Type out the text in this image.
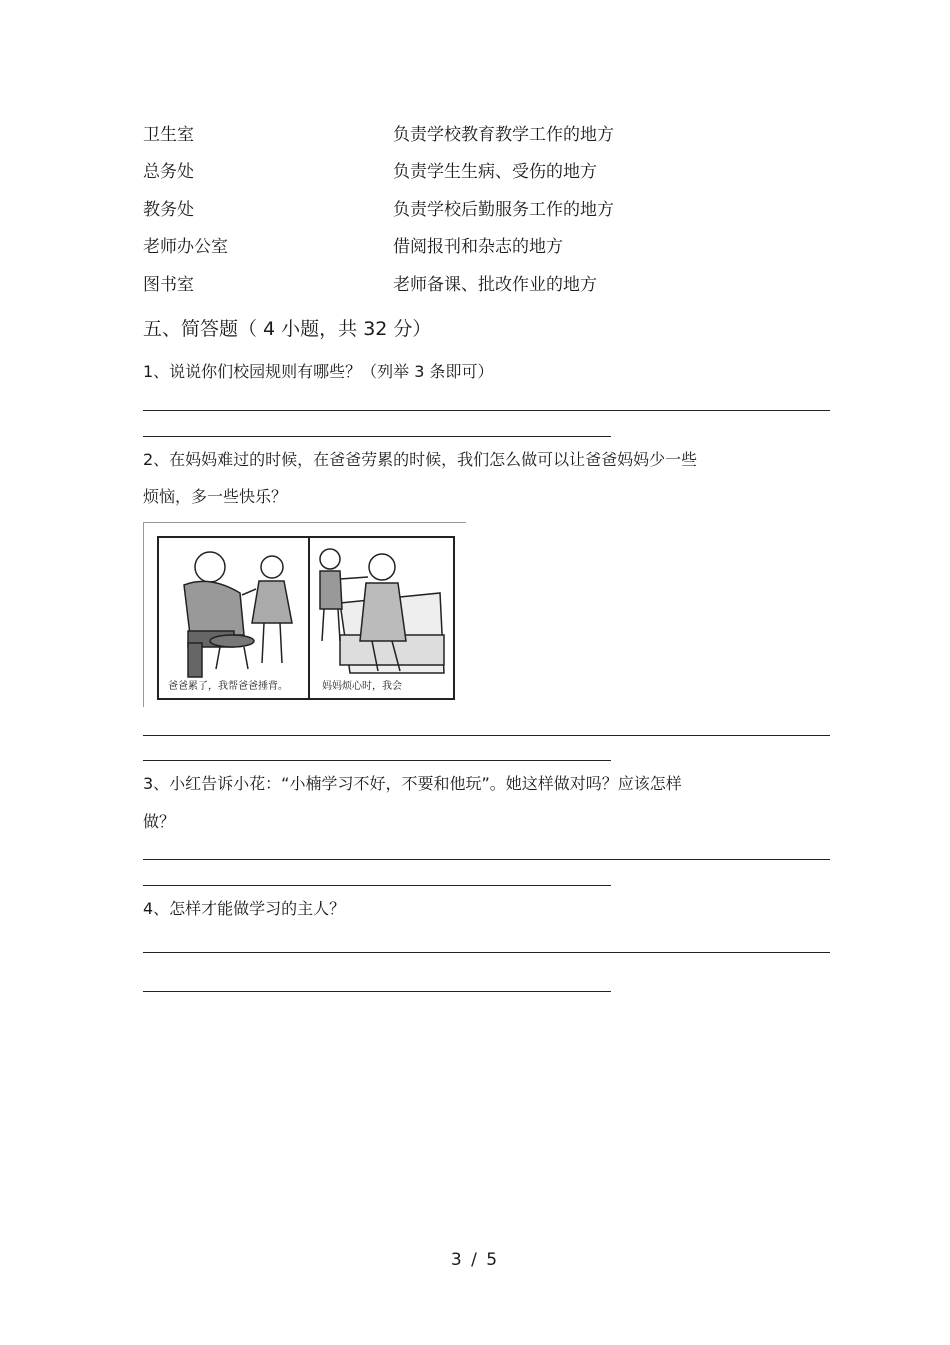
卫生室	负责学校教育教学工作的地方
总务处	负责学生生病、受伤的地方
教务处	负责学校后勤服务工作的地方
老师办公室	借阅报刊和杂志的地方
图书室	老师备课、批改作业的地方
五、简答题（ 4 小题，共 32 分）
1、说说你们校园规则有哪些？（列举 3 条即可）
2、在妈妈难过的时候，在爸爸劳累的时候，我们怎么做可以让爸爸妈妈少一些
烦恼，多一些快乐？
爸爸累了，我帮爸爸捶背。	妈妈烦心时，我会
3、小红告诉小花：“小楠学习不好，不要和他玩”。她这样做对吗？应该怎样
做？
4、怎样才能做学习的主人？
3 / 5
